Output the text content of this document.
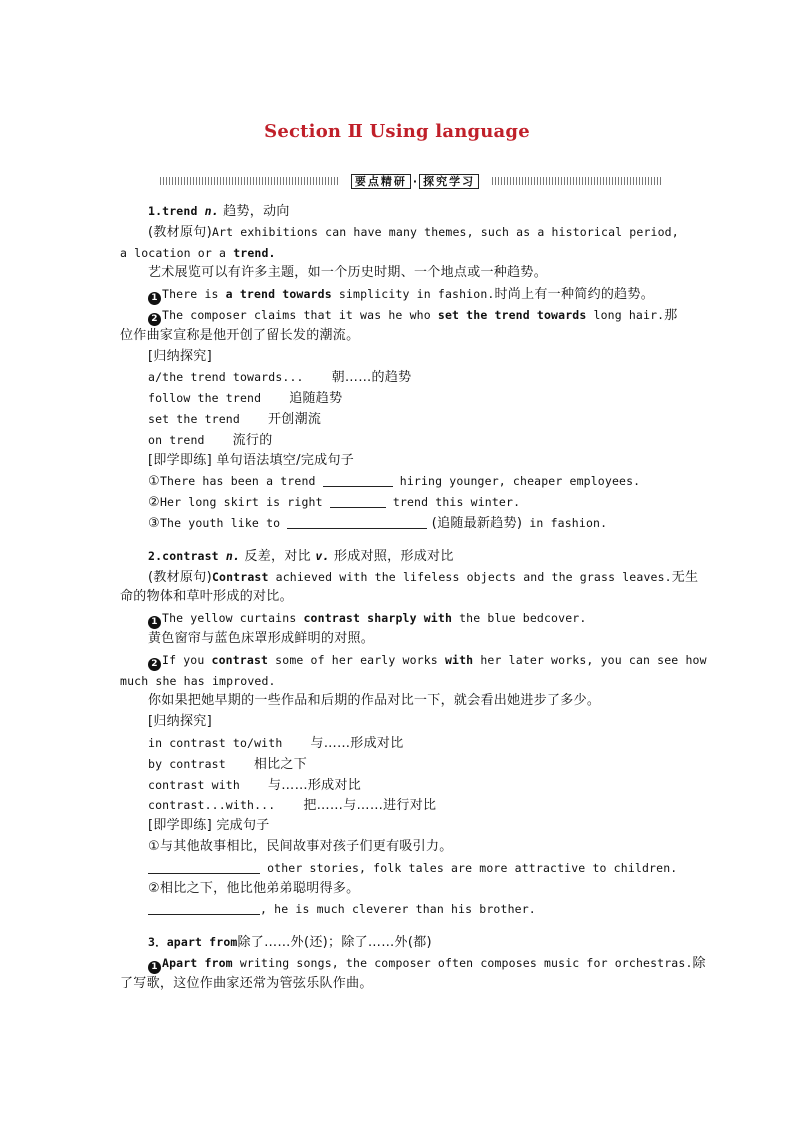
Section Ⅱ Using language
要点精研 · 探究学习
1.trend n. 趋势，动向
(教材原句)Art exhibitions can have many themes, such as a historical period,
a location or a trend.
艺术展览可以有许多主题，如一个历史时期、一个地点或一种趋势。
1 There is a trend towards simplicity in fashion.时尚上有一种简约的趋势。
2 The composer claims that it was he who set the trend towards long hair.那
位作曲家宣称是他开创了留长发的潮流。
[归纳探究]
a/the trend towards... 朝……的趋势
follow the trend 追随趋势
set the trend 开创潮流
on trend 流行的
[即学即练] 单句语法填空/完成句子
①There has been a trend	hiring younger, cheaper employees.
②Her long skirt is right	trend this winter.
③The youth like to	(追随最新趋势) in fashion.
2.contrast n. 反差，对比 v. 形成对照，形成对比
(教材原句)Contrast achieved with the lifeless objects and the grass leaves.无生
命的物体和草叶形成的对比。
1 The yellow curtains contrast sharply with the blue bedcover.
黄色窗帘与蓝色床罩形成鲜明的对照。
2 If you contrast some of her early works with her later works, you can see how
much she has improved.
你如果把她早期的一些作品和后期的作品对比一下，就会看出她进步了多少。
[归纳探究]
in contrast to/with 与……形成对比
by contrast 相比之下
contrast with 与……形成对比
contrast...with... 把……与……进行对比
[即学即练] 完成句子
①与其他故事相比，民间故事对孩子们更有吸引力。
other stories, folk tales are more attractive to children.
②相比之下，他比他弟弟聪明得多。
, he is much cleverer than his brother.
3．apart from除了……外(还)；除了……外(都)
1 Apart from writing songs, the composer often composes music for orchestras.除
了写歌，这位作曲家还常为管弦乐队作曲。
